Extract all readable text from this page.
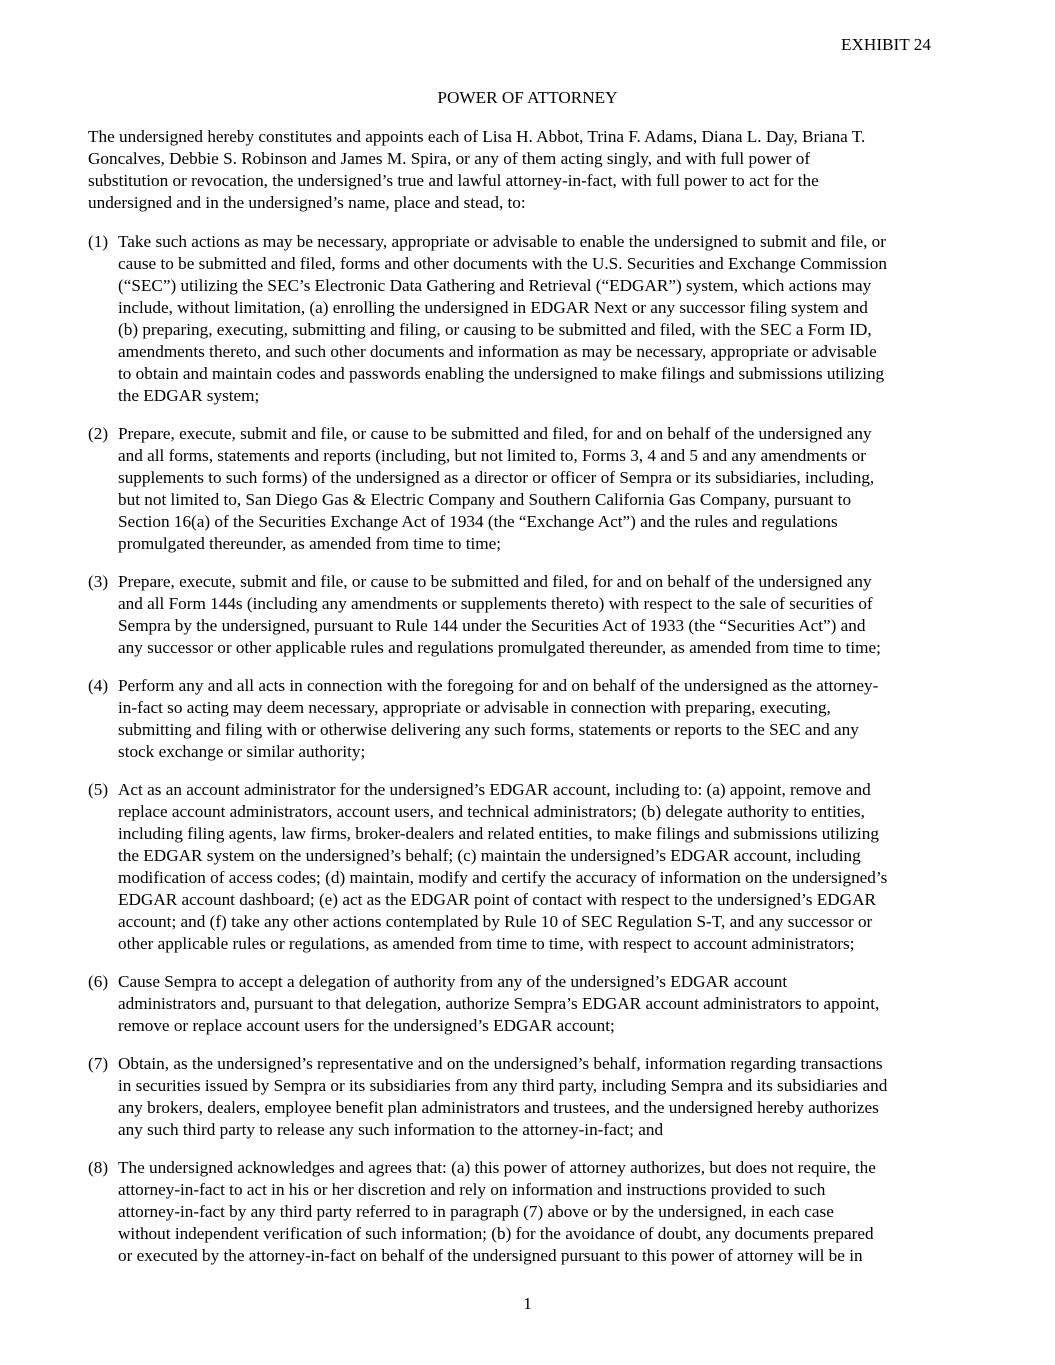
EXHIBIT 24
POWER OF ATTORNEY
The undersigned hereby constitutes and appoints each of Lisa H. Abbot, Trina F. Adams, Diana L. Day, Briana T.
Goncalves, Debbie S. Robinson and James M. Spira, or any of them acting singly, and with full power of
substitution or revocation, the undersigned’s true and lawful attorney-in-fact, with full power to act for the
undersigned and in the undersigned’s name, place and stead, to:
(1) Take such actions as may be necessary, appropriate or advisable to enable the undersigned to submit and file, or
cause to be submitted and filed, forms and other documents with the U.S. Securities and Exchange Commission
(“SEC”) utilizing the SEC’s Electronic Data Gathering and Retrieval (“EDGAR”) system, which actions may
include, without limitation, (a) enrolling the undersigned in EDGAR Next or any successor filing system and
(b) preparing, executing, submitting and filing, or causing to be submitted and filed, with the SEC a Form ID,
amendments thereto, and such other documents and information as may be necessary, appropriate or advisable
to obtain and maintain codes and passwords enabling the undersigned to make filings and submissions utilizing
the EDGAR system;
(2) Prepare, execute, submit and file, or cause to be submitted and filed, for and on behalf of the undersigned any
and all forms, statements and reports (including, but not limited to, Forms 3, 4 and 5 and any amendments or
supplements to such forms) of the undersigned as a director or officer of Sempra or its subsidiaries, including,
but not limited to, San Diego Gas & Electric Company and Southern California Gas Company, pursuant to
Section 16(a) of the Securities Exchange Act of 1934 (the “Exchange Act”) and the rules and regulations
promulgated thereunder, as amended from time to time;
(3) Prepare, execute, submit and file, or cause to be submitted and filed, for and on behalf of the undersigned any
and all Form 144s (including any amendments or supplements thereto) with respect to the sale of securities of
Sempra by the undersigned, pursuant to Rule 144 under the Securities Act of 1933 (the “Securities Act”) and
any successor or other applicable rules and regulations promulgated thereunder, as amended from time to time;
(4) Perform any and all acts in connection with the foregoing for and on behalf of the undersigned as the attorney-
in-fact so acting may deem necessary, appropriate or advisable in connection with preparing, executing,
submitting and filing with or otherwise delivering any such forms, statements or reports to the SEC and any
stock exchange or similar authority;
(5) Act as an account administrator for the undersigned’s EDGAR account, including to: (a) appoint, remove and
replace account administrators, account users, and technical administrators; (b) delegate authority to entities,
including filing agents, law firms, broker-dealers and related entities, to make filings and submissions utilizing
the EDGAR system on the undersigned’s behalf; (c) maintain the undersigned’s EDGAR account, including
modification of access codes; (d) maintain, modify and certify the accuracy of information on the undersigned’s
EDGAR account dashboard; (e) act as the EDGAR point of contact with respect to the undersigned’s EDGAR
account; and (f) take any other actions contemplated by Rule 10 of SEC Regulation S-T, and any successor or
other applicable rules or regulations, as amended from time to time, with respect to account administrators;
(6) Cause Sempra to accept a delegation of authority from any of the undersigned’s EDGAR account
administrators and, pursuant to that delegation, authorize Sempra’s EDGAR account administrators to appoint,
remove or replace account users for the undersigned’s EDGAR account;
(7) Obtain, as the undersigned’s representative and on the undersigned’s behalf, information regarding transactions
in securities issued by Sempra or its subsidiaries from any third party, including Sempra and its subsidiaries and
any brokers, dealers, employee benefit plan administrators and trustees, and the undersigned hereby authorizes
any such third party to release any such information to the attorney-in-fact; and
(8) The undersigned acknowledges and agrees that: (a) this power of attorney authorizes, but does not require, the
attorney-in-fact to act in his or her discretion and rely on information and instructions provided to such
attorney-in-fact by any third party referred to in paragraph (7) above or by the undersigned, in each case
without independent verification of such information; (b) for the avoidance of doubt, any documents prepared
or executed by the attorney-in-fact on behalf of the undersigned pursuant to this power of attorney will be in
1
